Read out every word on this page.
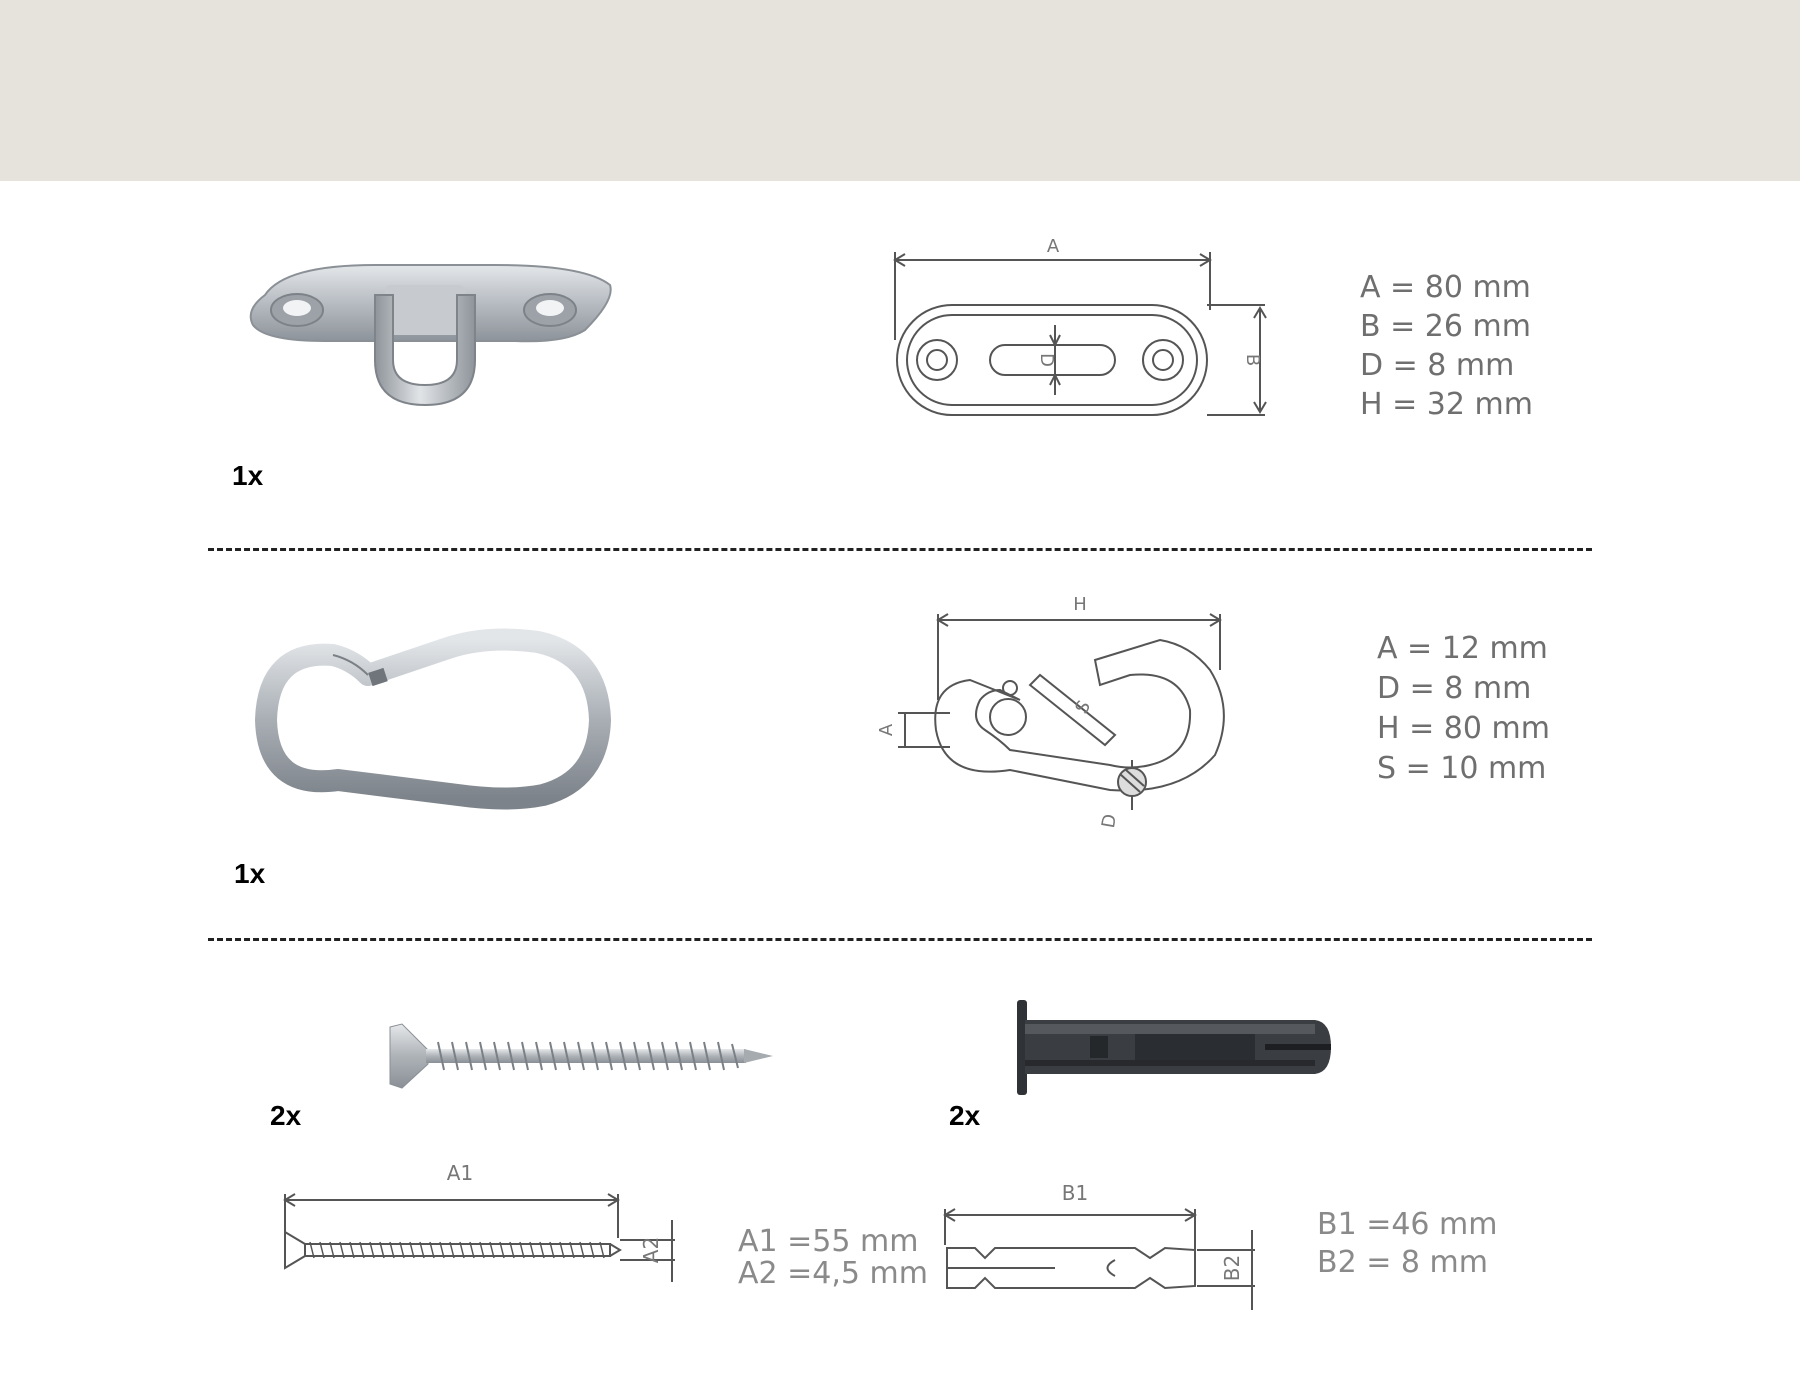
A
B
D
A = 80 mm
B = 26 mm
D = 8 mm
H = 32 mm
1x
H
A
S
D
A = 12 mm
D = 8 mm
H = 80 mm
S = 10 mm
1x
2x	2x
A1
A2	A1 =55 mm
A2 =4,5 mm
B1
B2
B1 =46 mm
B2 = 8 mm
